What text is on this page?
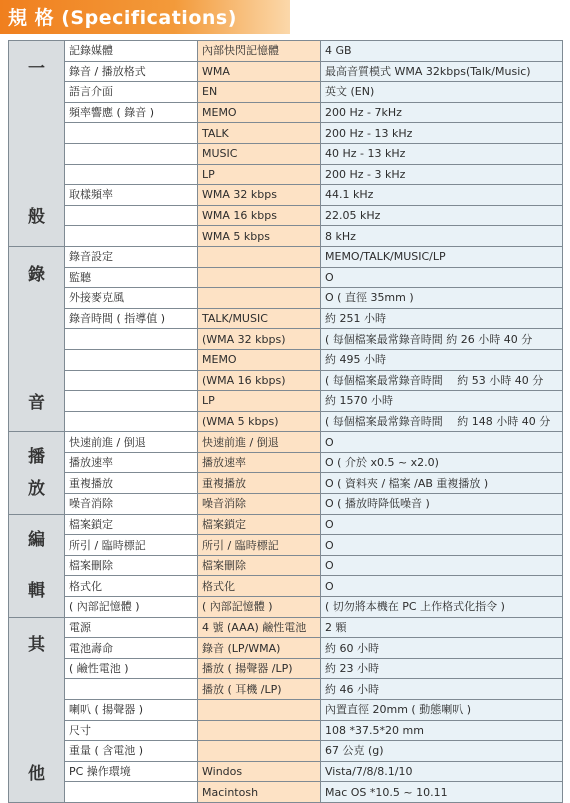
規 格 (Specifications)
一
般	記錄媒體	內部快閃記憶體	4 GB
	錄音 / 播放格式	WMA	最高音質模式 WMA 32kbps(Talk/Music)
	語言介面	EN	英文 (EN)
	頻率響應 ( 錄音 )	MEMO	200 Hz - 7kHz
		TALK	200 Hz - 13 kHz
		MUSIC	40 Hz - 13 kHz
		LP	200 Hz - 3 kHz
	取樣頻率	WMA 32 kbps	44.1 kHz
		WMA 16 kbps	22.05 kHz
		WMA 5 kbps	8 kHz

錄
音	錄音設定		MEMO/TALK/MUSIC/LP
	監聽		O
	外接麥克風		O ( 直徑 35mm )
	錄音時間 ( 指導值 )	TALK/MUSIC	約 251 小時
		(WMA 32 kbps)	( 每個檔案最常錄音時間 約 26 小時 40 分
		MEMO	約 495 小時
		(WMA 16 kbps)	( 每個檔案最常錄音時間 　約 53 小時 40 分
		LP	約 1570 小時
		(WMA 5 kbps)	( 每個檔案最常錄音時間 　約 148 小時 40 分

播
放	快速前進 / 倒退	快速前進 / 倒退	O
	播放速率	播放速率	O ( 介於 x0.5 ~ x2.0)
	重複播放	重複播放	O ( 資料夾 / 檔案 /AB 重複播放 )
	噪音消除	噪音消除	O ( 播放時降低噪音 )

編
輯	檔案鎖定	檔案鎖定	O
	所引 / 臨時標記	所引 / 臨時標記	O
	檔案刪除	檔案刪除	O
	格式化	格式化	O
	( 內部記憶體 )	( 內部記憶體 )	( 切勿將本機在 PC 上作格式化指令 )

其
他	電源	4 號 (AAA) 鹼性電池	2 顆
	電池壽命	錄音 (LP/WMA)	約 60 小時
	( 鹼性電池 )	播放 ( 揚聲器 /LP)	約 23 小時
		播放 ( 耳機 /LP)	約 46 小時
	喇叭 ( 揚聲器 )		內置直徑 20mm ( 動態喇叭 )
	尺寸		108 *37.5*20 mm
	重量 ( 含電池 )		67 公克 (g)
	PC 操作環境	Windos	Vista/7/8/8.1/10
		Macintosh	Mac OS *10.5 ~ 10.11
